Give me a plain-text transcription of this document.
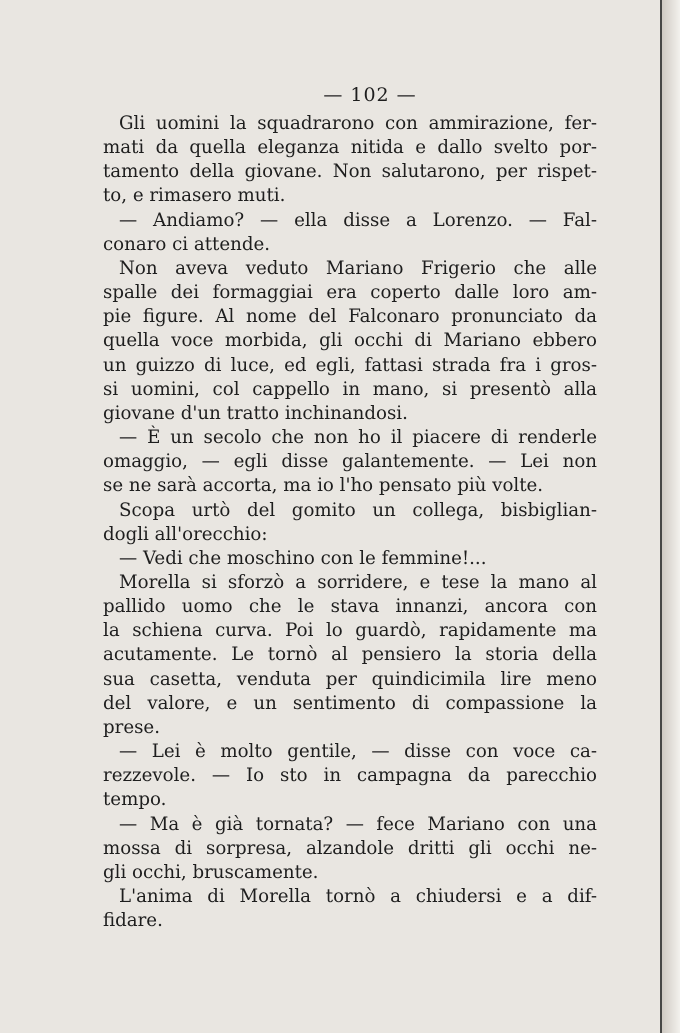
— 102 —
Gli uomini la squadrarono con ammirazione, fer-
mati da quella eleganza nitida e dallo svelto por-
tamento della giovane. Non salutarono, per rispet-
to, e rimasero muti.
— Andiamo? — ella disse a Lorenzo. — Fal-
conaro ci attende.
Non aveva veduto Mariano Frigerio che alle
spalle dei formaggiai era coperto dalle loro am-
pie figure. Al nome del Falconaro pronunciato da
quella voce morbida, gli occhi di Mariano ebbero
un guizzo di luce, ed egli, fattasi strada fra i gros-
si uomini, col cappello in mano, si presentò alla
giovane d'un tratto inchinandosi.
— È un secolo che non ho il piacere di renderle
omaggio, — egli disse galantemente. — Lei non
se ne sarà accorta, ma io l'ho pensato più volte.
Scopa urtò del gomito un collega, bisbiglian-
dogli all'orecchio:
— Vedi che moschino con le femmine!...
Morella si sforzò a sorridere, e tese la mano al
pallido uomo che le stava innanzi, ancora con
la schiena curva. Poi lo guardò, rapidamente ma
acutamente. Le tornò al pensiero la storia della
sua casetta, venduta per quindicimila lire meno
del valore, e un sentimento di compassione la
prese.
— Lei è molto gentile, — disse con voce ca-
rezzevole. — Io sto in campagna da parecchio
tempo.
— Ma è già tornata? — fece Mariano con una
mossa di sorpresa, alzandole dritti gli occhi ne-
gli occhi, bruscamente.
L'anima di Morella tornò a chiudersi e a dif-
fidare.
